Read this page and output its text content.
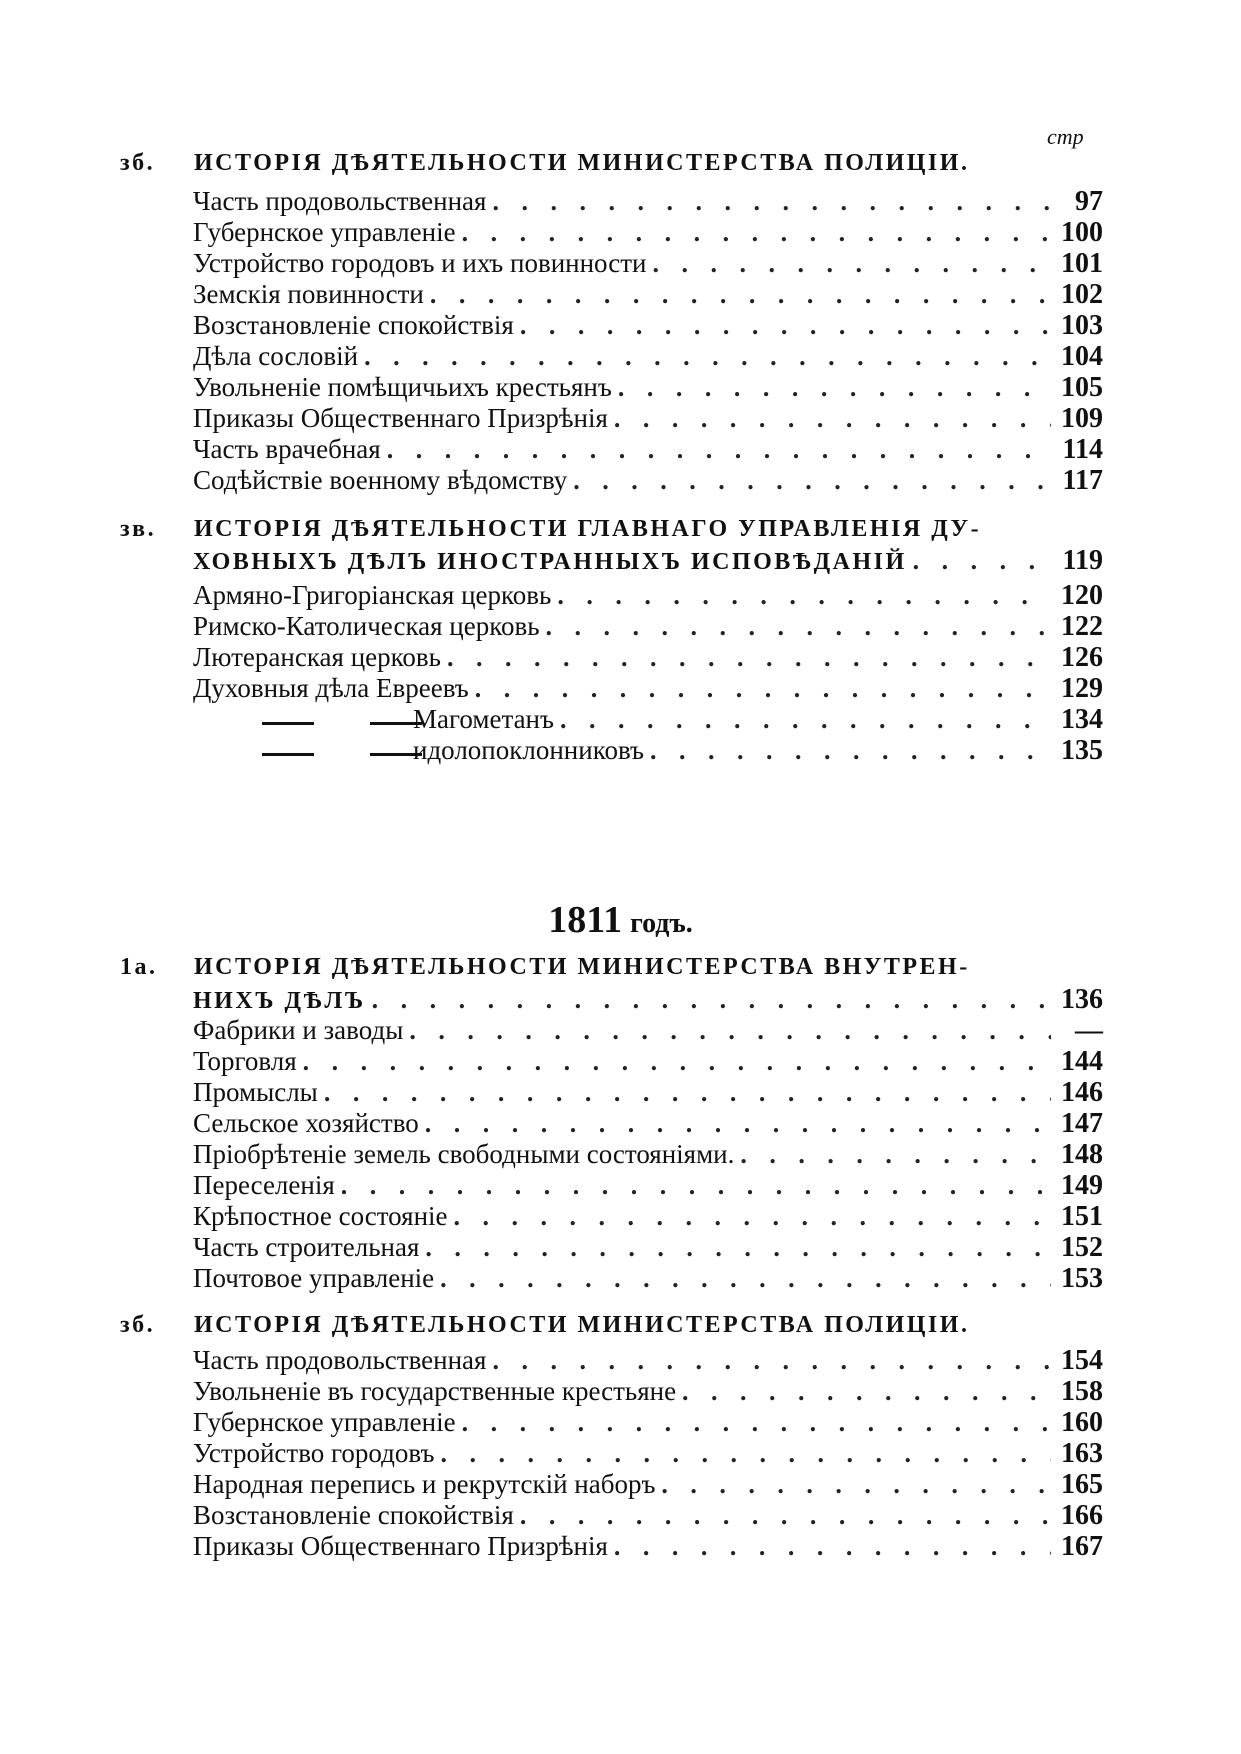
стр
зб. ИСТОРІЯ ДѢЯТЕЛЬНОСТИ МИНИСТЕРСТВА ПОЛИЦІИ.
Часть продовольственная . . .	97
Губернское управленіе . . .	100
Устройство городовъ и ихъ повинности . . .	101
Земскія повинности . . .	102
Возстановленіе спокойствія . . .	103
Дѣла сословій . . .	104
Увольненіе помѣщичьихъ крестьянъ . . .	105
Приказы Общественнаго Призрѣнія . . .	109
Часть врачебная . . .	114
Содѣйствіе военному вѣдомству . . .	117
зв. ИСТОРІЯ ДѢЯТЕЛЬНОСТИ ГЛАВНАГО УПРАВЛЕНІЯ ДУ-
ХОВНЫХЪ ДѢЛЪ ИНОСТРАННЫХЪ ИСПОВѢДАНІЙ . . .	119
Армяно-Григоріанская церковь . . .	120
Римско-Католическая церковь . . .	122
Лютеранская церковь . . .	126
Духовныя дѣла Евреевъ . . .	129
Магометанъ . . .	134
идолопоклонниковъ . . .	135
1811 годъ.
1а. ИСТОРІЯ ДѢЯТЕЛЬНОСТИ МИНИСТЕРСТВА ВНУТРЕН-
НИХЪ ДѢЛЪ . . .	136
Фабрики и заводы . . .	—
Торговля . . .	144
Промыслы . . .	146
Сельское хозяйство . . .	147
Пріобрѣтеніе земель свободными состояніями. . . .	148
Переселенія . . .	149
Крѣпостное состояніе . . .	151
Часть строительная . . .	152
Почтовое управленіе . . .	153
зб. ИСТОРІЯ ДѢЯТЕЛЬНОСТИ МИНИСТЕРСТВА ПОЛИЦІИ.
Часть продовольственная . . .	154
Увольненіе въ государственные крестьяне . . .	158
Губернское управленіе . . .	160
Устройство городовъ . . .	163
Народная перепись и рекрутскій наборъ . . .	165
Возстановленіе спокойствія . . .	166
Приказы Общественнаго Призрѣнія . . .	167
